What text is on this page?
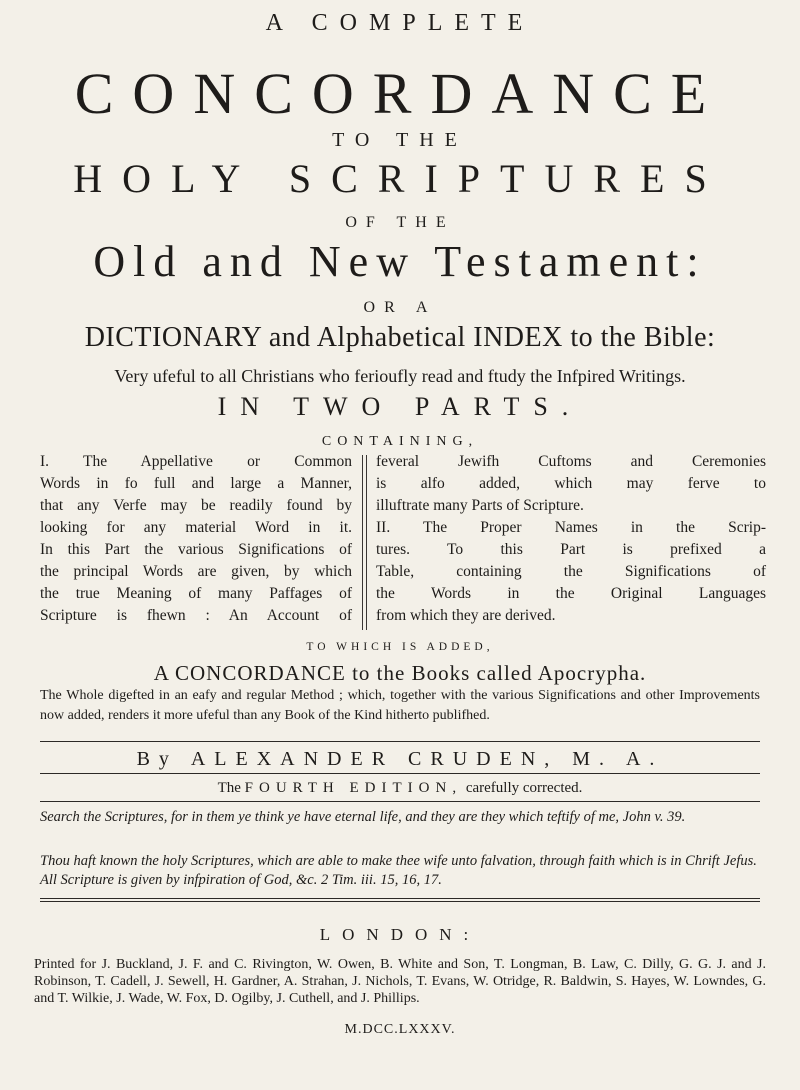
A COMPLETE
CONCORDANCE
TO THE
HOLY SCRIPTURES
OF THE
Old and New Testament:
OR A
DICTIONARY and Alphabetical INDEX to the Bible:
Very ufeful to all Christians who ferioufly read and ftudy the Infpired Writings.
IN TWO PARTS.
CONTAINING,
I. The Appellative or Common
Words in fo full and large a Manner,
that any Verfe may be readily found by
looking for any material Word in it.
In this Part the various Significations of
the principal Words are given, by which
the true Meaning of many Paffages of
Scripture is fhewn : An Account of
feveral Jewifh Cuftoms and Ceremonies
is alfo added, which may ferve to
illuftrate many Parts of Scripture.
II. The Proper Names in the Scrip-
tures. To this Part is prefixed a
Table, containing the Significations of
the Words in the Original Languages
from which they are derived.
TO WHICH IS ADDED,
A CONCORDANCE to the Books called Apocrypha.
The Whole digefted in an eafy and regular Method ; which, together with the various Significations and other Improvements now added, renders it more ufeful than any Book of the Kind hitherto publifhed.
By ALEXANDER CRUDEN, M. A.
The FOURTH EDITION, carefully corrected.
Search the Scriptures, for in them ye think ye have eternal life, and they are they which teftify of me, John v. 39.
Thou haft known the holy Scriptures, which are able to make thee wife unto falvation, through faith which is in Chrift Jefus. All Scripture is given by infpiration of God, &c. 2 Tim. iii. 15, 16, 17.
LONDON:
Printed for J. Buckland, J. F. and C. Rivington, W. Owen, B. White and Son, T. Longman, B. Law, C. Dilly, G. G. J. and J. Robinson, T. Cadell, J. Sewell, H. Gardner, A. Strahan, J. Nichols, T. Evans, W. Otridge, R. Baldwin, S. Hayes, W. Lowndes, G. and T. Wilkie, J. Wade, W. Fox, D. Ogilby, J. Cuthell, and J. Phillips.
M.DCC.LXXXV.
